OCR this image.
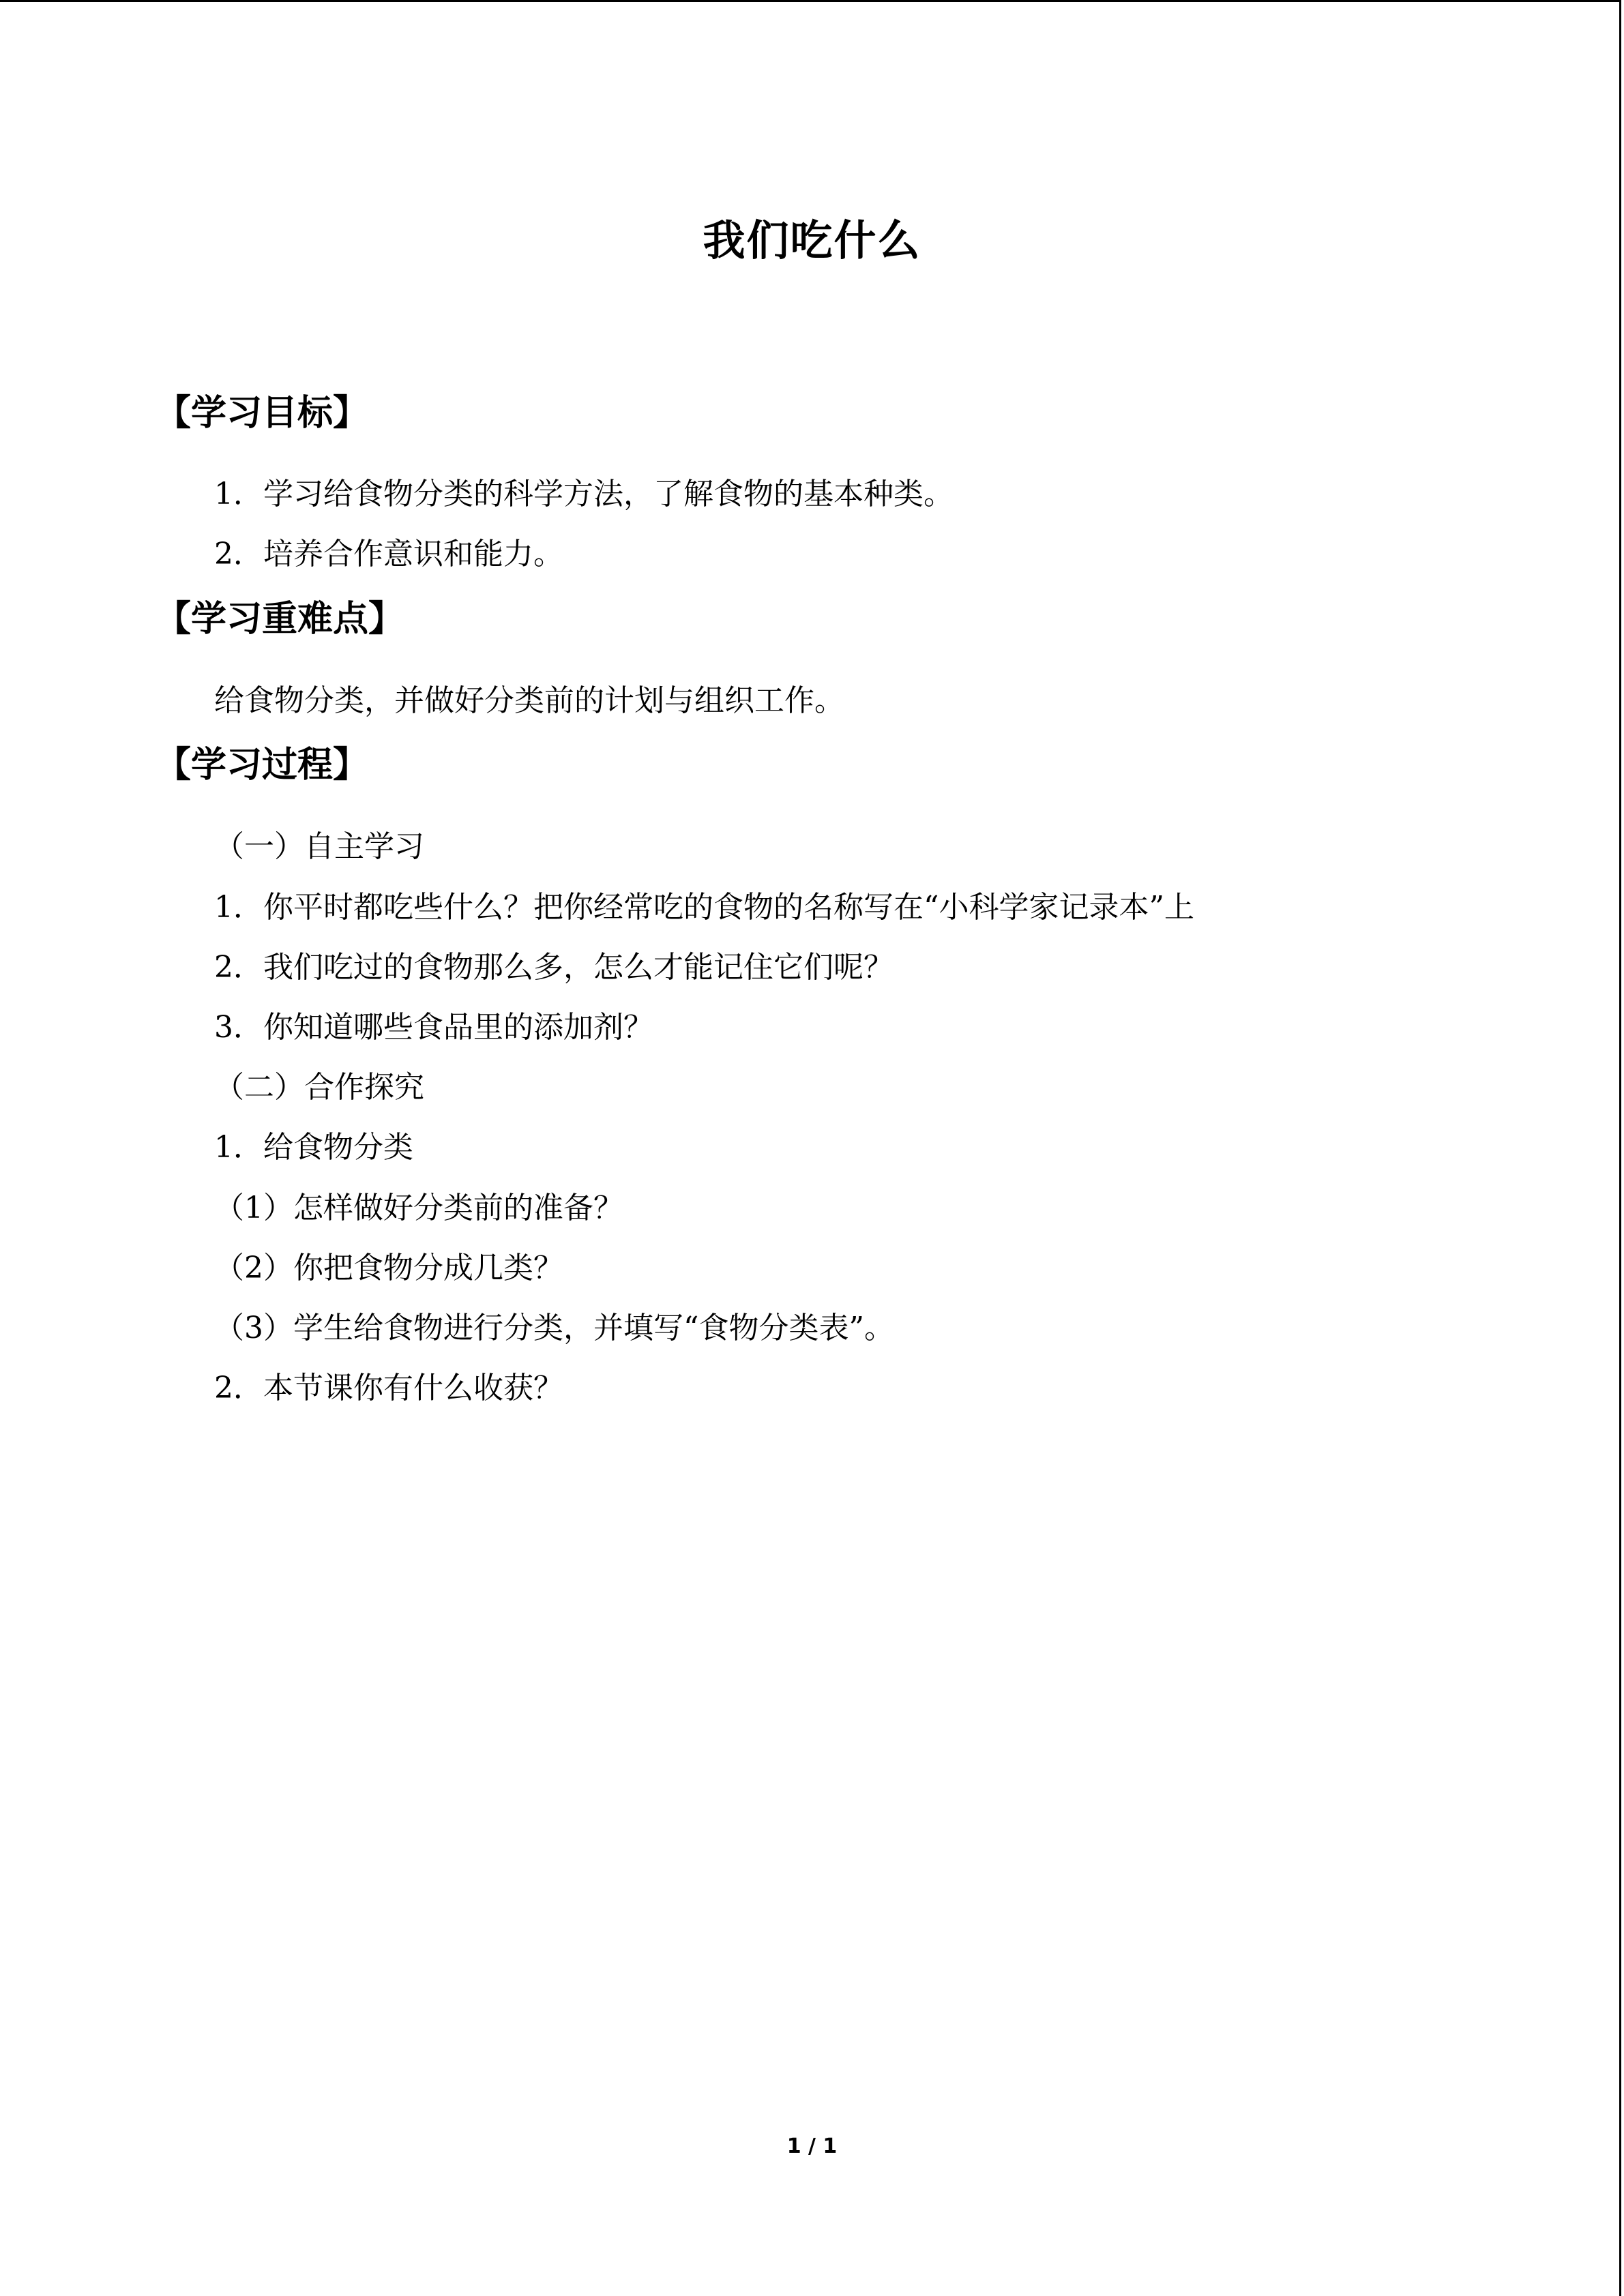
我们吃什么
【学习目标】
1．学习给食物分类的科学方法，了解食物的基本种类。
2．培养合作意识和能力。
【学习重难点】
给食物分类，并做好分类前的计划与组织工作。
【学习过程】
（一）自主学习
1．你平时都吃些什么？把你经常吃的食物的名称写在“小科学家记录本”上
2．我们吃过的食物那么多，怎么才能记住它们呢？
3．你知道哪些食品里的添加剂？
（二）合作探究
1．给食物分类
（1）怎样做好分类前的准备？
（2）你把食物分成几类？
（3）学生给食物进行分类，并填写“食物分类表”。
2．本节课你有什么收获？
1 / 1
